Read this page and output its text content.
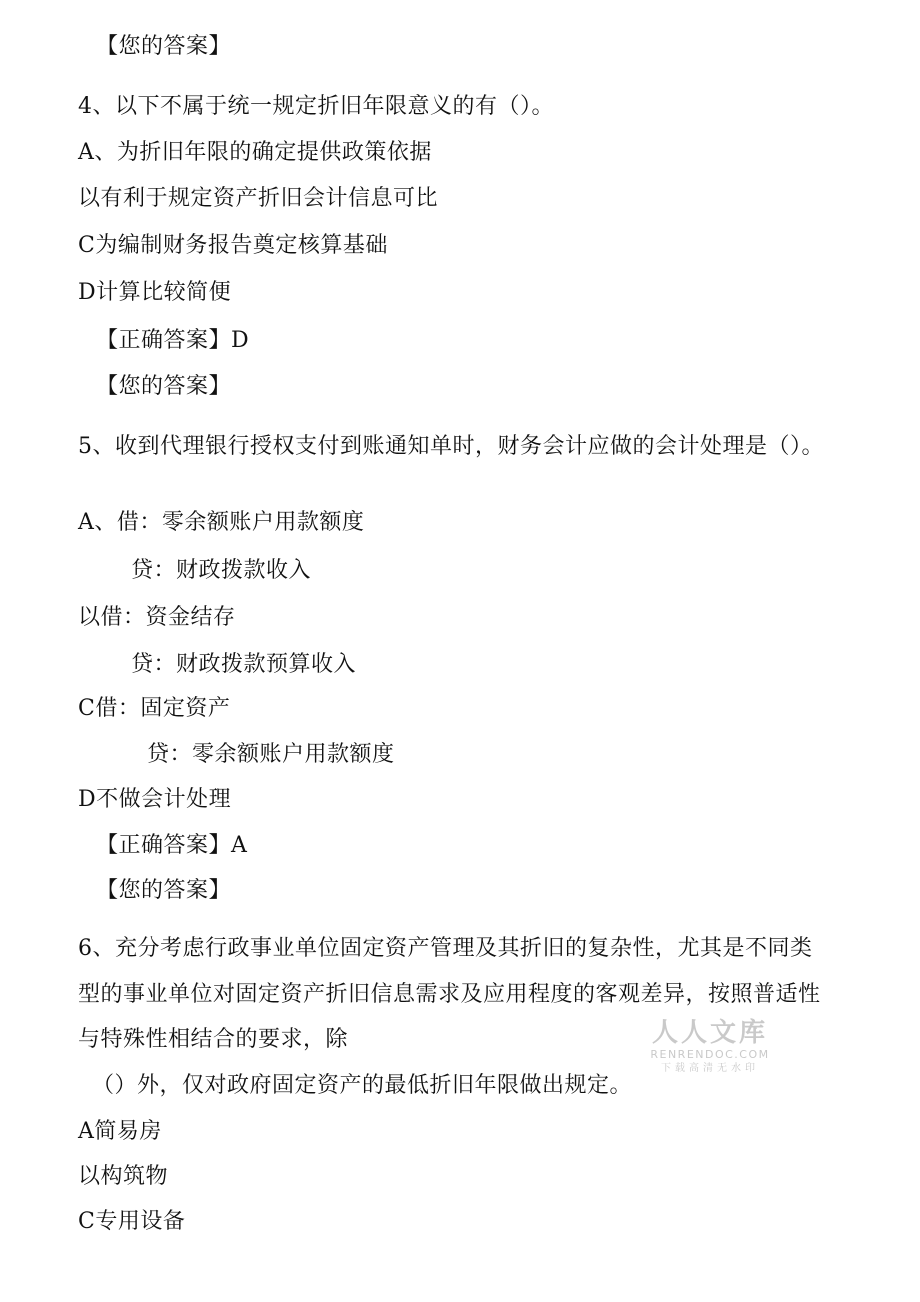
【您的答案】
4、以下不属于统一规定折旧年限意义的有（）。
A、为折旧年限的确定提供政策依据
以有利于规定资产折旧会计信息可比
C为编制财务报告奠定核算基础
D计算比较简便
【正确答案】D
【您的答案】
5、收到代理银行授权支付到账通知单时，财务会计应做的会计处理是（）。
A、借：零余额账户用款额度
贷：财政拨款收入
以借：资金结存
贷：财政拨款预算收入
C借：固定资产
贷：零余额账户用款额度
D不做会计处理
【正确答案】A
【您的答案】
6、充分考虑行政事业单位固定资产管理及其折旧的复杂性，尤其是不同类
型的事业单位对固定资产折旧信息需求及应用程度的客观差异，按照普适性
与特殊性相结合的要求，除
（）外，仅对政府固定资产的最低折旧年限做出规定。
A简易房
以构筑物
C专用设备
人人文库
RENRENDOC.COM
下载高清无水印
